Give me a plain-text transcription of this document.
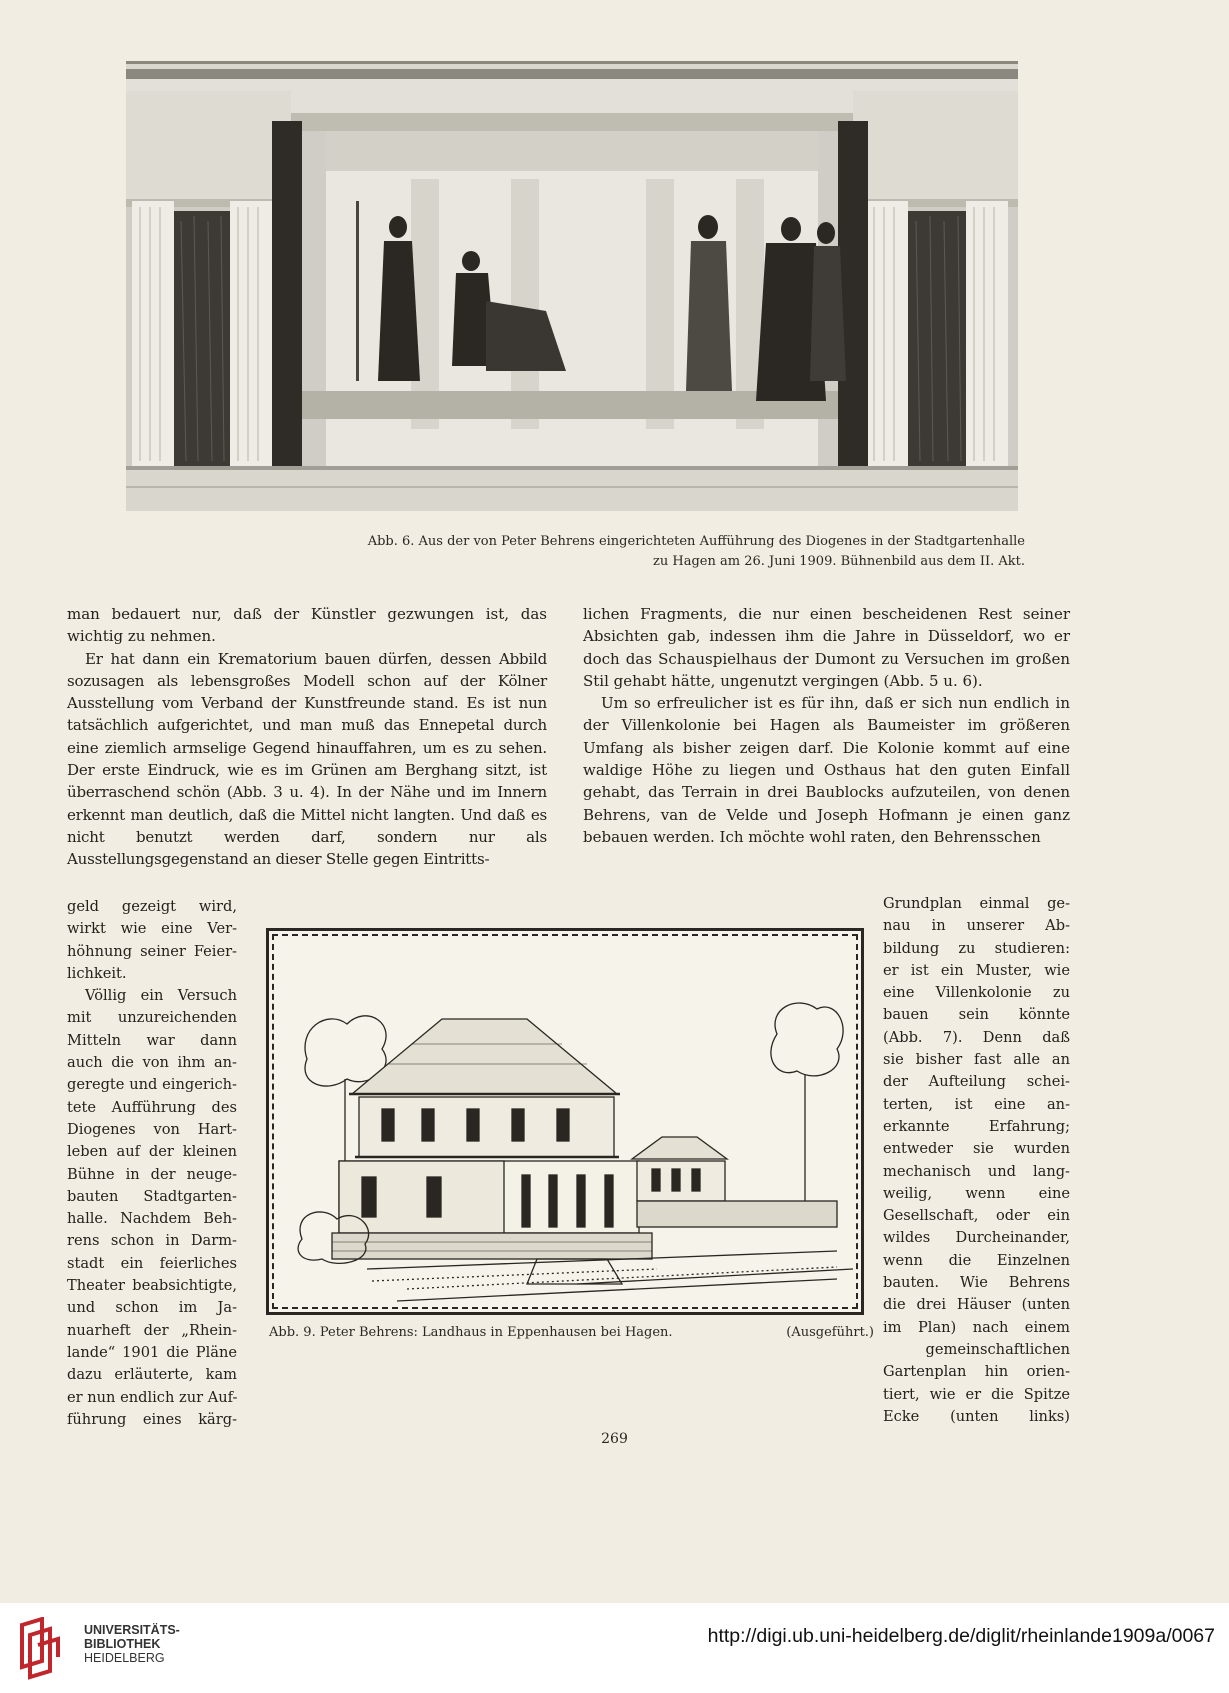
Abb. 6. Aus der von Peter Behrens eingerichteten Aufführung des Diogenes in der Stadtgartenhalle
zu Hagen am 26. Juni 1909. Bühnenbild aus dem II. Akt.
man bedauert nur, daß der Künstler gezwungen ist, das wichtig zu nehmen.
Er hat dann ein Krematorium bauen dürfen, dessen Abbild sozusagen als lebensgroßes Modell schon auf der Kölner Ausstellung vom Verband der Kunstfreunde stand. Es ist nun tatsächlich aufgerichtet, und man muß das Ennepetal durch eine ziemlich armselige Gegend hinauffahren, um es zu sehen. Der erste Eindruck, wie es im Grünen am Berghang sitzt, ist überraschend schön (Abb. 3 u. 4). In der Nähe und im Innern erkennt man deutlich, daß die Mittel nicht langten. Und daß es nicht benutzt werden darf, sondern nur als Ausstellungsgegenstand an dieser Stelle gegen Eintritts-
lichen Fragments, die nur einen bescheidenen Rest seiner Absichten gab, indessen ihm die Jahre in Düsseldorf, wo er doch das Schauspielhaus der Dumont zu Versuchen im großen Stil gehabt hätte, ungenutzt vergingen (Abb. 5 u. 6).
Um so erfreulicher ist es für ihn, daß er sich nun endlich in der Villenkolonie bei Hagen als Baumeister im größeren Umfang als bisher zeigen darf. Die Kolonie kommt auf eine waldige Höhe zu liegen und Osthaus hat den guten Einfall gehabt, das Terrain in drei Baublocks aufzuteilen, von denen Behrens, van de Velde und Joseph Hofmann je einen ganz bebauen werden. Ich möchte wohl raten, den Behrensschen
geld gezeigt wird,
wirkt wie eine Ver-
höhnung seiner Feier-
lichkeit.
Völlig ein Versuch
mit unzureichenden
Mitteln war dann
auch die von ihm an-
geregte und eingerich-
tete Aufführung des
Diogenes von Hart-
leben auf der kleinen
Bühne in der neuge-
bauten Stadtgarten-
halle. Nachdem Beh-
rens schon in Darm-
stadt ein feierliches
Theater beabsichtigte,
und schon im Ja-
nuarheft der „Rhein-
lande“ 1901 die Pläne
dazu erläuterte, kam
er nun endlich zur Auf-
führung eines kärg-
Grundplan einmal ge-
nau in unserer Ab-
bildung zu studieren:
er ist ein Muster, wie
eine Villenkolonie zu
bauen sein könnte
(Abb. 7). Denn daß
sie bisher fast alle an
der Aufteilung schei-
terten, ist eine an-
erkannte Erfahrung;
entweder sie wurden
mechanisch und lang-
weilig, wenn eine
Gesellschaft, oder ein
wildes Durcheinander,
wenn die Einzelnen
bauten. Wie Behrens
die drei Häuser (unten
im Plan) nach einem
gemeinschaftlichen
Gartenplan hin orien-
tiert, wie er die Spitze
Ecke (unten links)
Abb. 9. Peter Behrens: Landhaus in Eppenhausen bei Hagen.	(Ausgeführt.)
269
UNIVERSITÄTS-
BIBLIOTHEK
HEIDELBERG
http://digi.ub.uni-heidelberg.de/diglit/rheinlande1909a/0067
